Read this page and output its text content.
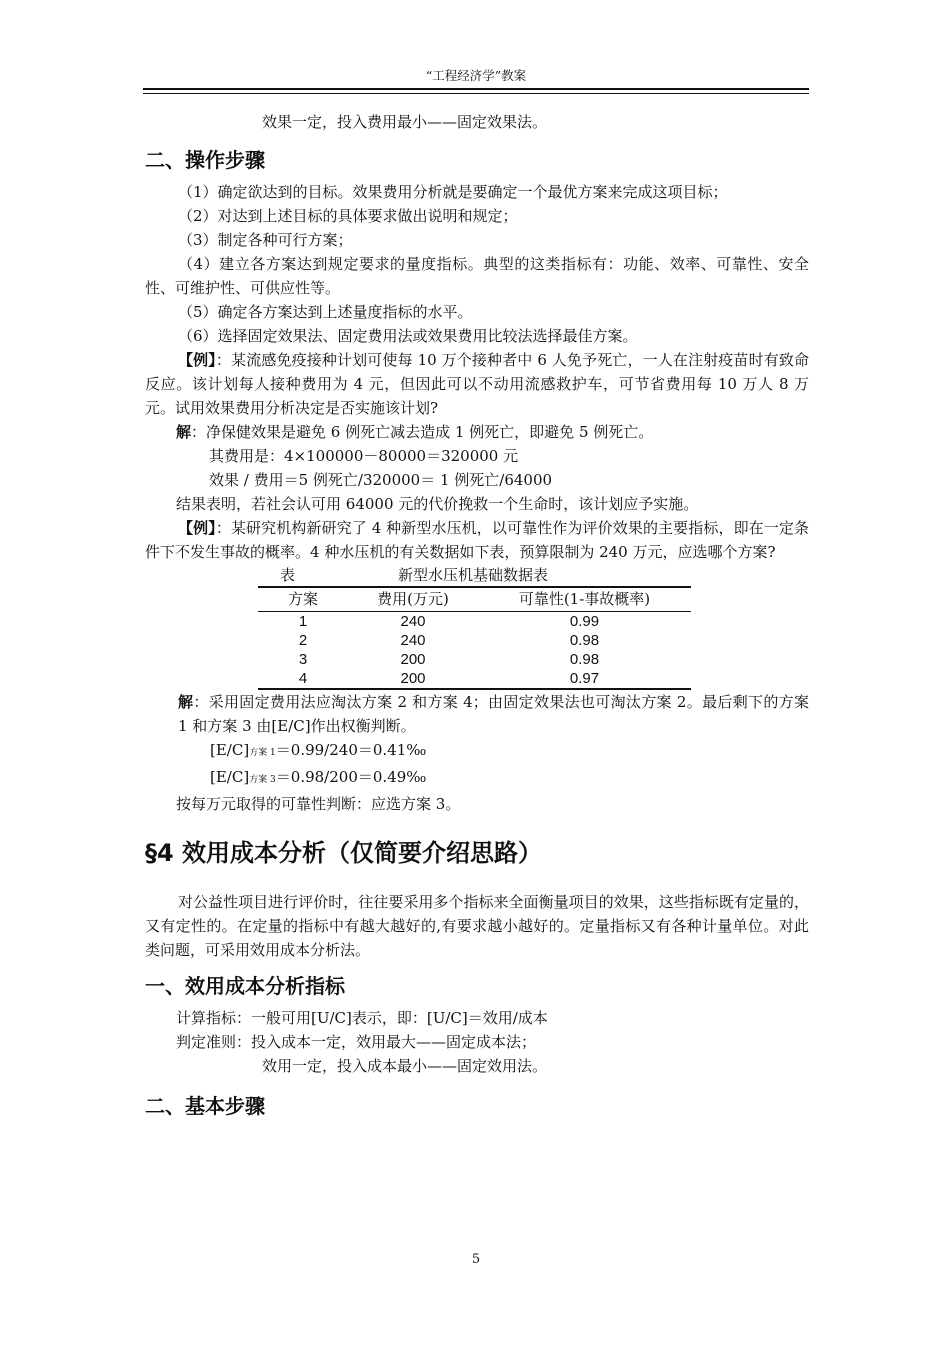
“工程经济学”教案

效果一定，投入费用最小——固定效果法。

二、操作步骤

（1）确定欲达到的目标。效果费用分析就是要确定一个最优方案来完成这项目标；

（2）对达到上述目标的具体要求做出说明和规定；

（3）制定各种可行方案；

（4）建立各方案达到规定要求的量度指标。典型的这类指标有：功能、效率、可靠性、安全性、可维护性、可供应性等。

（5）确定各方案达到上述量度指标的水平。

（6）选择固定效果法、固定费用法或效果费用比较法选择最佳方案。

【例】：某流感免疫接种计划可使每 10 万个接种者中 6 人免予死亡，一人在注射疫苗时有致命反应。该计划每人接种费用为 4 元，但因此可以不动用流感救护车，可节省费用每 10 万人 8 万元。试用效果费用分析决定是否实施该计划?

解：净保健效果是避免 6 例死亡减去造成 1 例死亡，即避免 5 例死亡。

其费用是：4×100000－80000＝320000 元

效果 / 费用＝5 例死亡/320000＝ 1 例死亡/64000

结果表明，若社会认可用 64000 元的代价挽救一个生命时，该计划应予实施。

【例】：某研究机构新研究了 4 种新型水压机，以可靠性作为评价效果的主要指标，即在一定条件下不发生事故的概率。4 种水压机的有关数据如下表，预算限制为 240 万元，应选哪个方案?

表	新型水压机基础数据表
方案	费用(万元)	可靠性(1-事故概率)
1	240	0.99
2	240	0.98
3	200	0.98
4	200	0.97

解：采用固定费用法应淘汰方案 2 和方案 4；由固定效果法也可淘汰方案 2。最后剩下的方案 1 和方案 3 由[E/C]作出权衡判断。

[E/C]方案 1＝0.99/240＝0.41‰

[E/C]方案 3＝0.98/200＝0.49‰

按每万元取得的可靠性判断：应选方案 3。

§4 效用成本分析（仅简要介绍思路）

对公益性项目进行评价时，往往要采用多个指标来全面衡量项目的效果，这些指标既有定量的，又有定性的。在定量的指标中有越大越好的,有要求越小越好的。定量指标又有各种计量单位。对此类问题，可采用效用成本分析法。

一、效用成本分析指标

计算指标：一般可用[U/C]表示，即：[U/C]＝效用/成本

判定准则：投入成本一定，效用最大——固定成本法；

效用一定，投入成本最小——固定效用法。

二、基本步骤
5
